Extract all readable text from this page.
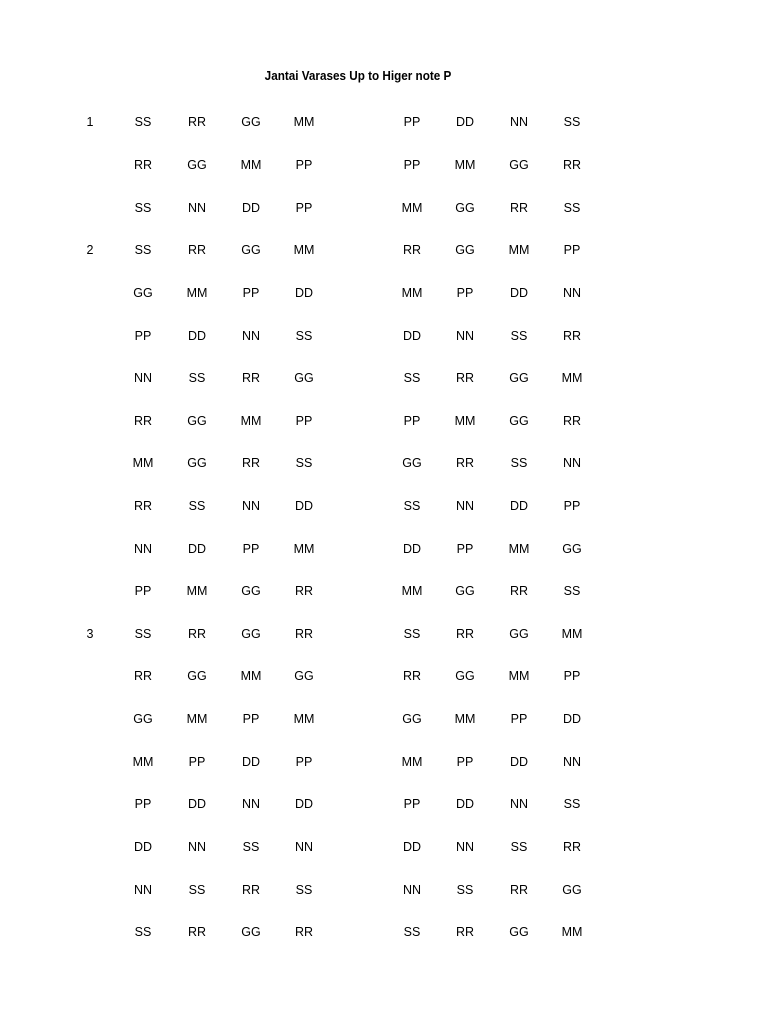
Jantai Varases Up to Higer note P
1	SS	RR	GG	MM	PP	DD	NN	SS
RR	GG	MM	PP	PP	MM	GG	RR
SS	NN	DD	PP	MM	GG	RR	SS
2	SS	RR	GG	MM	RR	GG	MM	PP
GG	MM	PP	DD	MM	PP	DD	NN
PP	DD	NN	SS	DD	NN	SS	RR
NN	SS	RR	GG	SS	RR	GG	MM
RR	GG	MM	PP	PP	MM	GG	RR
MM	GG	RR	SS	GG	RR	SS	NN
RR	SS	NN	DD	SS	NN	DD	PP
NN	DD	PP	MM	DD	PP	MM	GG
PP	MM	GG	RR	MM	GG	RR	SS
3	SS	RR	GG	RR	SS	RR	GG	MM
RR	GG	MM	GG	RR	GG	MM	PP
GG	MM	PP	MM	GG	MM	PP	DD
MM	PP	DD	PP	MM	PP	DD	NN
PP	DD	NN	DD	PP	DD	NN	SS
DD	NN	SS	NN	DD	NN	SS	RR
NN	SS	RR	SS	NN	SS	RR	GG
SS	RR	GG	RR	SS	RR	GG	MM
